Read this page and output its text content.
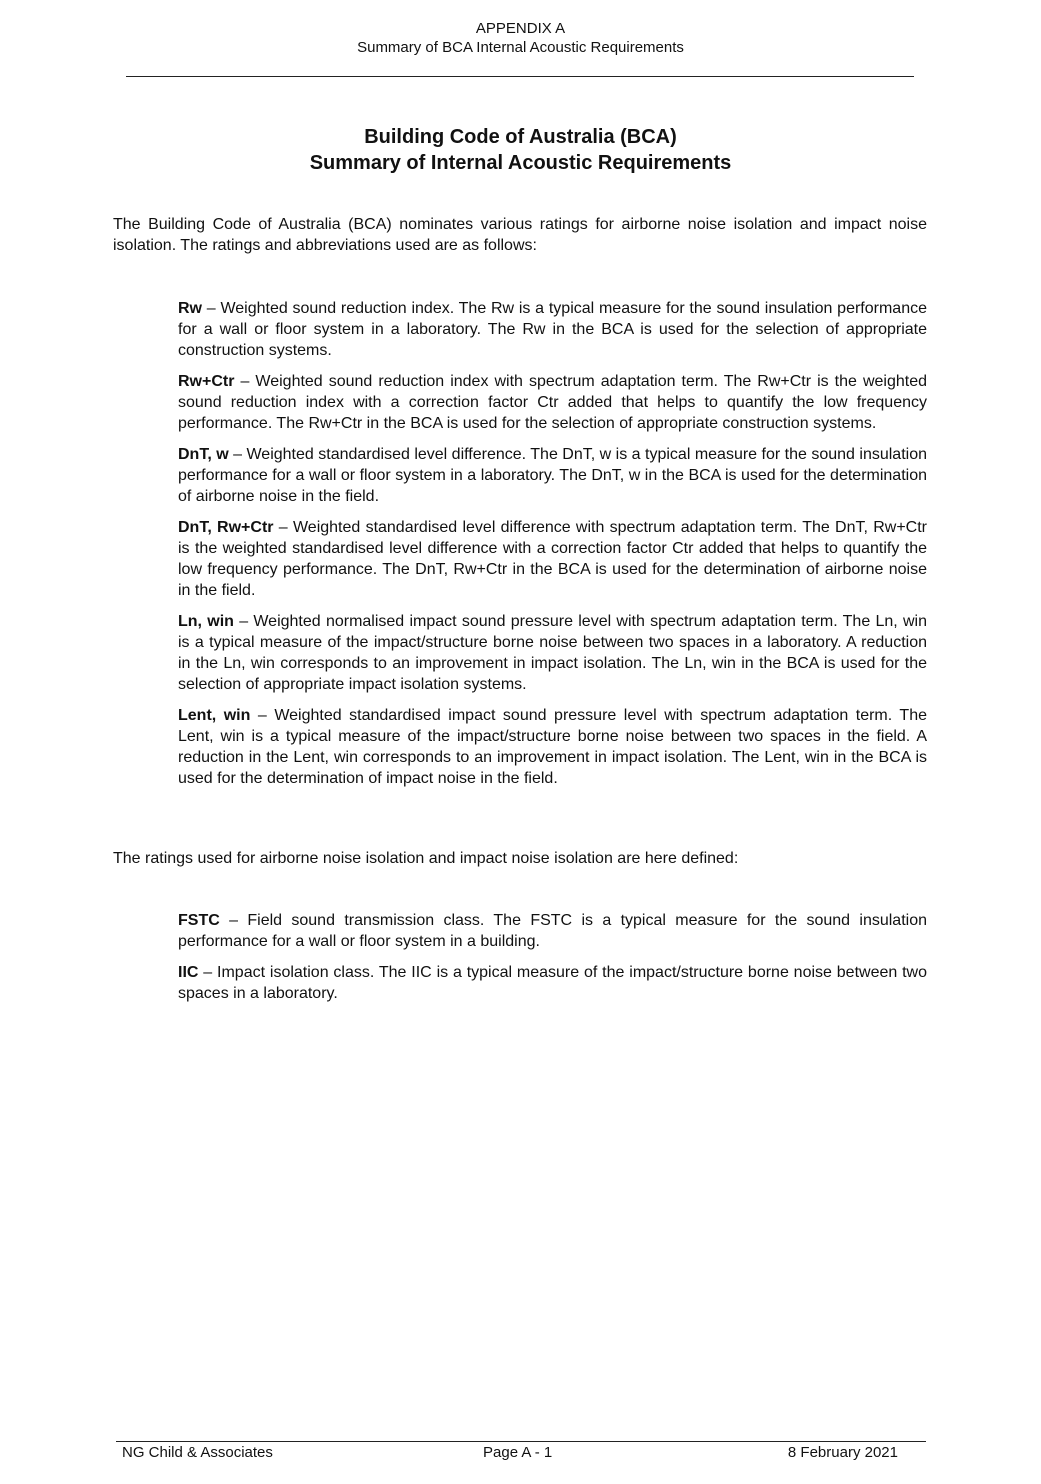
APPENDIX A
Summary of BCA Internal Acoustic Requirements
Building Code of Australia (BCA)
Summary of Internal Acoustic Requirements

The Building Code of Australia (BCA) nominates various ratings for airborne noise isolation and impact noise isolation. The ratings and abbreviations used are as follows:

Rw – Weighted sound reduction index. The Rw is a typical measure for the sound insulation performance for a wall or floor system in a laboratory. The Rw in the BCA is used for the selection of appropriate construction systems.

Rw+Ctr – Weighted sound reduction index with spectrum adaptation term. The Rw+Ctr is the weighted sound reduction index with a correction factor Ctr added that helps to quantify the low frequency performance. The Rw+Ctr in the BCA is used for the selection of appropriate construction systems.

DnT, w – Weighted standardised level difference. The DnT, w is a typical measure for the sound insulation performance for a wall or floor system in a laboratory. The DnT, w in the BCA is used for the determination of airborne noise in the field.

DnT, Rw+Ctr – Weighted standardised level difference with spectrum adaptation term. The DnT, Rw+Ctr is the weighted standardised level difference with a correction factor Ctr added that helps to quantify the low frequency performance. The DnT, Rw+Ctr in the BCA is used for the determination of airborne noise in the field.

Ln, win – Weighted normalised impact sound pressure level with spectrum adaptation term. The Ln, win is a typical measure of the impact/structure borne noise between two spaces in a laboratory. A reduction in the Ln, win corresponds to an improvement in impact isolation. The Ln, win in the BCA is used for the selection of appropriate impact isolation systems.

Lent, win – Weighted standardised impact sound pressure level with spectrum adaptation term. The Lent, win is a typical measure of the impact/structure borne noise between two spaces in the field. A reduction in the Lent, win corresponds to an improvement in impact isolation. The Lent, win in the BCA is used for the determination of impact noise in the field.

The ratings used for airborne noise isolation and impact noise isolation are here defined:

FSTC – Field sound transmission class. The FSTC is a typical measure for the sound insulation performance for a wall or floor system in a building.

IIC – Impact isolation class. The IIC is a typical measure of the impact/structure borne noise between two spaces in a laboratory.

NG Child & Associates	Page A - 1	8 February 2021
